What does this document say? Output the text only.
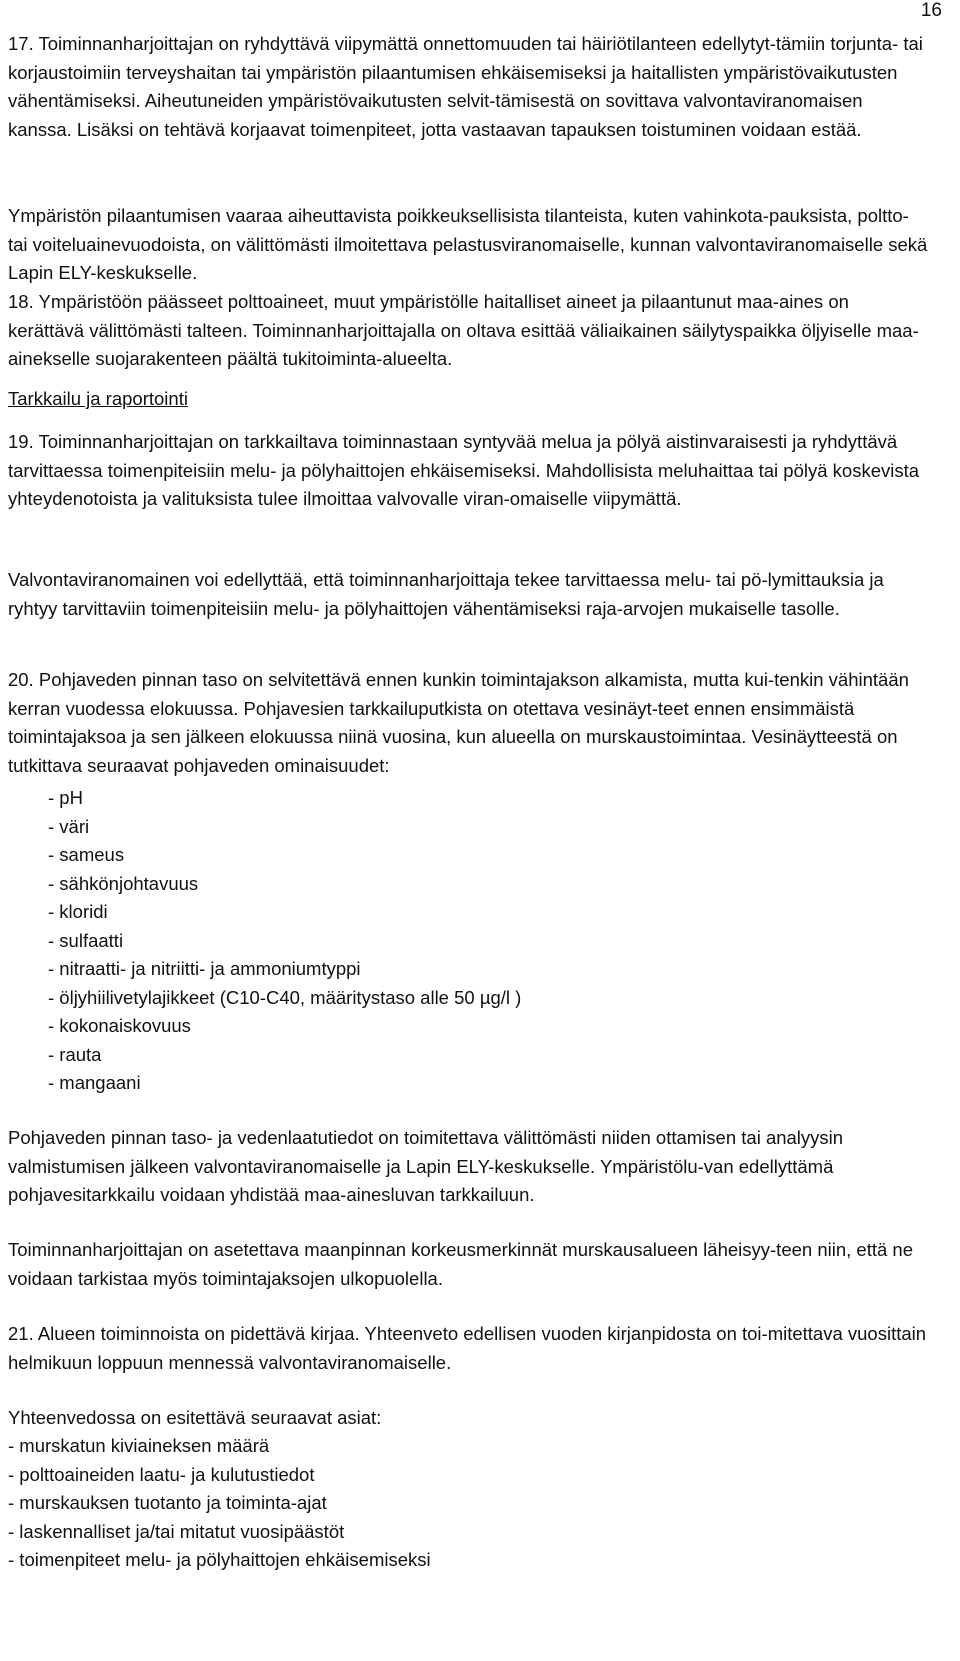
16

17. Toiminnanharjoittajan on ryhdyttävä viipymättä onnettomuuden tai häiriötilanteen edellytyt-tämiin torjunta- tai korjaustoimiin terveyshaitan tai ympäristön pilaantumisen ehkäisemiseksi ja haitallisten ympäristövaikutusten vähentämiseksi. Aiheutuneiden ympäristövaikutusten selvit-tämisestä on sovittava valvontaviranomaisen kanssa. Lisäksi on tehtävä korjaavat toimenpiteet, jotta vastaavan tapauksen toistuminen voidaan estää.

Ympäristön pilaantumisen vaaraa aiheuttavista poikkeuksellisista tilanteista, kuten vahinkota-pauksista, poltto- tai voiteluainevuodoista, on välittömästi ilmoitettava pelastusviranomaiselle, kunnan valvontaviranomaiselle sekä Lapin ELY-keskukselle.

18. Ympäristöön päässeet polttoaineet, muut ympäristölle haitalliset aineet ja pilaantunut maa-aines on kerättävä välittömästi talteen. Toiminnanharjoittajalla on oltava esittää väliaikainen säilytyspaikka öljyiselle maa-ainekselle suojarakenteen päältä tukitoiminta-alueelta.

Tarkkailu ja raportointi

19. Toiminnanharjoittajan on tarkkailtava toiminnastaan syntyvää melua ja pölyä aistinvaraisesti ja ryhdyttävä tarvittaessa toimenpiteisiin melu- ja pölyhaittojen ehkäisemiseksi. Mahdollisista meluhaittaa tai pölyä koskevista yhteydenotoista ja valituksista tulee ilmoittaa valvovalle viran-omaiselle viipymättä.

Valvontaviranomainen voi edellyttää, että toiminnanharjoittaja tekee tarvittaessa melu- tai pö-lymittauksia ja ryhtyy tarvittaviin toimenpiteisiin melu- ja pölyhaittojen vähentämiseksi raja-arvojen mukaiselle tasolle.

20. Pohjaveden pinnan taso on selvitettävä ennen kunkin toimintajakson alkamista, mutta kui-tenkin vähintään kerran vuodessa elokuussa. Pohjavesien tarkkailuputkista on otettava vesinäyt-teet ennen ensimmäistä toimintajaksoa ja sen jälkeen elokuussa niinä vuosina, kun alueella on murskaustoimintaa. Vesinäytteestä on tutkittava seuraavat pohjaveden ominaisuudet:

- pH
- väri
- sameus
- sähkönjohtavuus
- kloridi
- sulfaatti
- nitraatti- ja nitriitti- ja ammoniumtyppi
- öljyhiilivetylajikkeet (C10-C40, määritystaso alle 50 µg/l )
- kokonaiskovuus
- rauta
- mangaani

Pohjaveden pinnan taso- ja vedenlaatutiedot on toimitettava välittömästi niiden ottamisen tai analyysin valmistumisen jälkeen valvontaviranomaiselle ja Lapin ELY-keskukselle. Ympäristölu-van edellyttämä pohjavesitarkkailu voidaan yhdistää maa-ainesluvan tarkkailuun.

Toiminnanharjoittajan on asetettava maanpinnan korkeusmerkinnät murskausalueen läheisyy-teen niin, että ne voidaan tarkistaa myös toimintajaksojen ulkopuolella.

21. Alueen toiminnoista on pidettävä kirjaa. Yhteenveto edellisen vuoden kirjanpidosta on toi-mitettava vuosittain helmikuun loppuun mennessä valvontaviranomaiselle.

Yhteenvedossa on esitettävä seuraavat asiat:

- murskatun kiviaineksen määrä
- polttoaineiden laatu- ja kulutustiedot
- murskauksen tuotanto ja toiminta-ajat
- laskennalliset ja/tai mitatut vuosipäästöt
- toimenpiteet melu- ja pölyhaittojen ehkäisemiseksi
